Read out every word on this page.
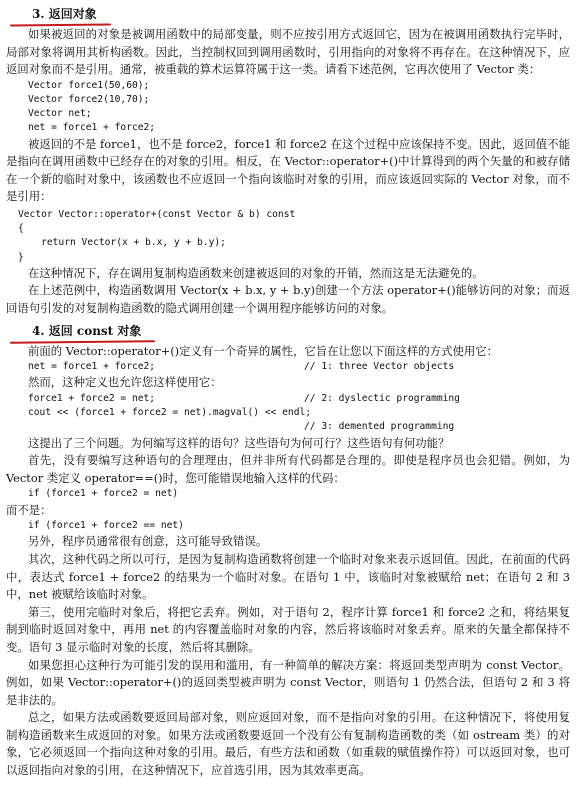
3. 返回对象

如果被返回的对象是被调用函数中的局部变量，则不应按引用方式返回它，因为在被调用函数执行完毕时，局部对象将调用其析构函数。因此，当控制权回到调用函数时，引用指向的对象将不再存在。在这种情况下，应返回对象而不是引用。通常，被重载的算术运算符属于这一类。请看下述范例，它再次使用了 Vector 类：

Vector force1(50,60);
Vector force2(10,70);
Vector net;
net = force1 + force2;

被返回的不是 force1，也不是 force2，force1 和 force2 在这个过程中应该保持不变。因此，返回值不能是指向在调用函数中已经存在的对象的引用。相反，在 Vector::operator+()中计算得到的两个矢量的和被存储在一个新的临时对象中，该函数也不应返回一个指向该临时对象的引用，而应该返回实际的 Vector 对象，而不是引用：

Vector Vector::operator+(const Vector & b) const
{
return Vector(x + b.x, y + b.y);
}

在这种情况下，存在调用复制构造函数来创建被返回的对象的开销，然而这是无法避免的。

在上述范例中，构造函数调用 Vector(x + b.x, y + b.y)创建一个方法 operator+()能够访问的对象；而返回语句引发的对复制构造函数的隐式调用创建一个调用程序能够访问的对象。

4. 返回 const 对象

前面的 Vector::operator+()定义有一个奇异的属性，它旨在让您以下面这样的方式使用它：

net = force1 + force2;	// 1: three Vector objects

然而，这种定义也允许您这样使用它：

force1 + force2 = net;	// 2: dyslectic programming
cout << (force1 + force2 = net).magval() << endl;
// 3: demented programming

这提出了三个问题。为何编写这样的语句？这些语句为何可行？这些语句有何功能？

首先，没有要编写这种语句的合理理由，但并非所有代码都是合理的。即使是程序员也会犯错。例如，为 Vector 类定义 operator==()时，您可能错误地输入这样的代码：

if (force1 + force2 = net)

而不是：

if (force1 + force2 == net)

另外，程序员通常很有创意，这可能导致错误。

其次，这种代码之所以可行，是因为复制构造函数将创建一个临时对象来表示返回值。因此，在前面的代码中，表达式 force1 + force2 的结果为一个临时对象。在语句 1 中，该临时对象被赋给 net；在语句 2 和 3 中，net 被赋给该临时对象。

第三，使用完临时对象后，将把它丢弃。例如，对于语句 2，程序计算 force1 和 force2 之和，将结果复制到临时返回对象中，再用 net 的内容覆盖临时对象的内容，然后将该临时对象丢弃。原来的矢量全都保持不变。语句 3 显示临时对象的长度，然后将其删除。

如果您担心这种行为可能引发的误用和滥用，有一种简单的解决方案：将返回类型声明为 const Vector。例如，如果 Vector::operator+()的返回类型被声明为 const Vector，则语句 1 仍然合法，但语句 2 和 3 将是非法的。

总之，如果方法或函数要返回局部对象，则应返回对象，而不是指向对象的引用。在这种情况下，将使用复制构造函数来生成返回的对象。如果方法或函数要返回一个没有公有复制构造函数的类（如 ostream 类）的对象，它必须返回一个指向这种对象的引用。最后，有些方法和函数（如重载的赋值操作符）可以返回对象，也可以返回指向对象的引用，在这种情况下，应首选引用，因为其效率更高。
